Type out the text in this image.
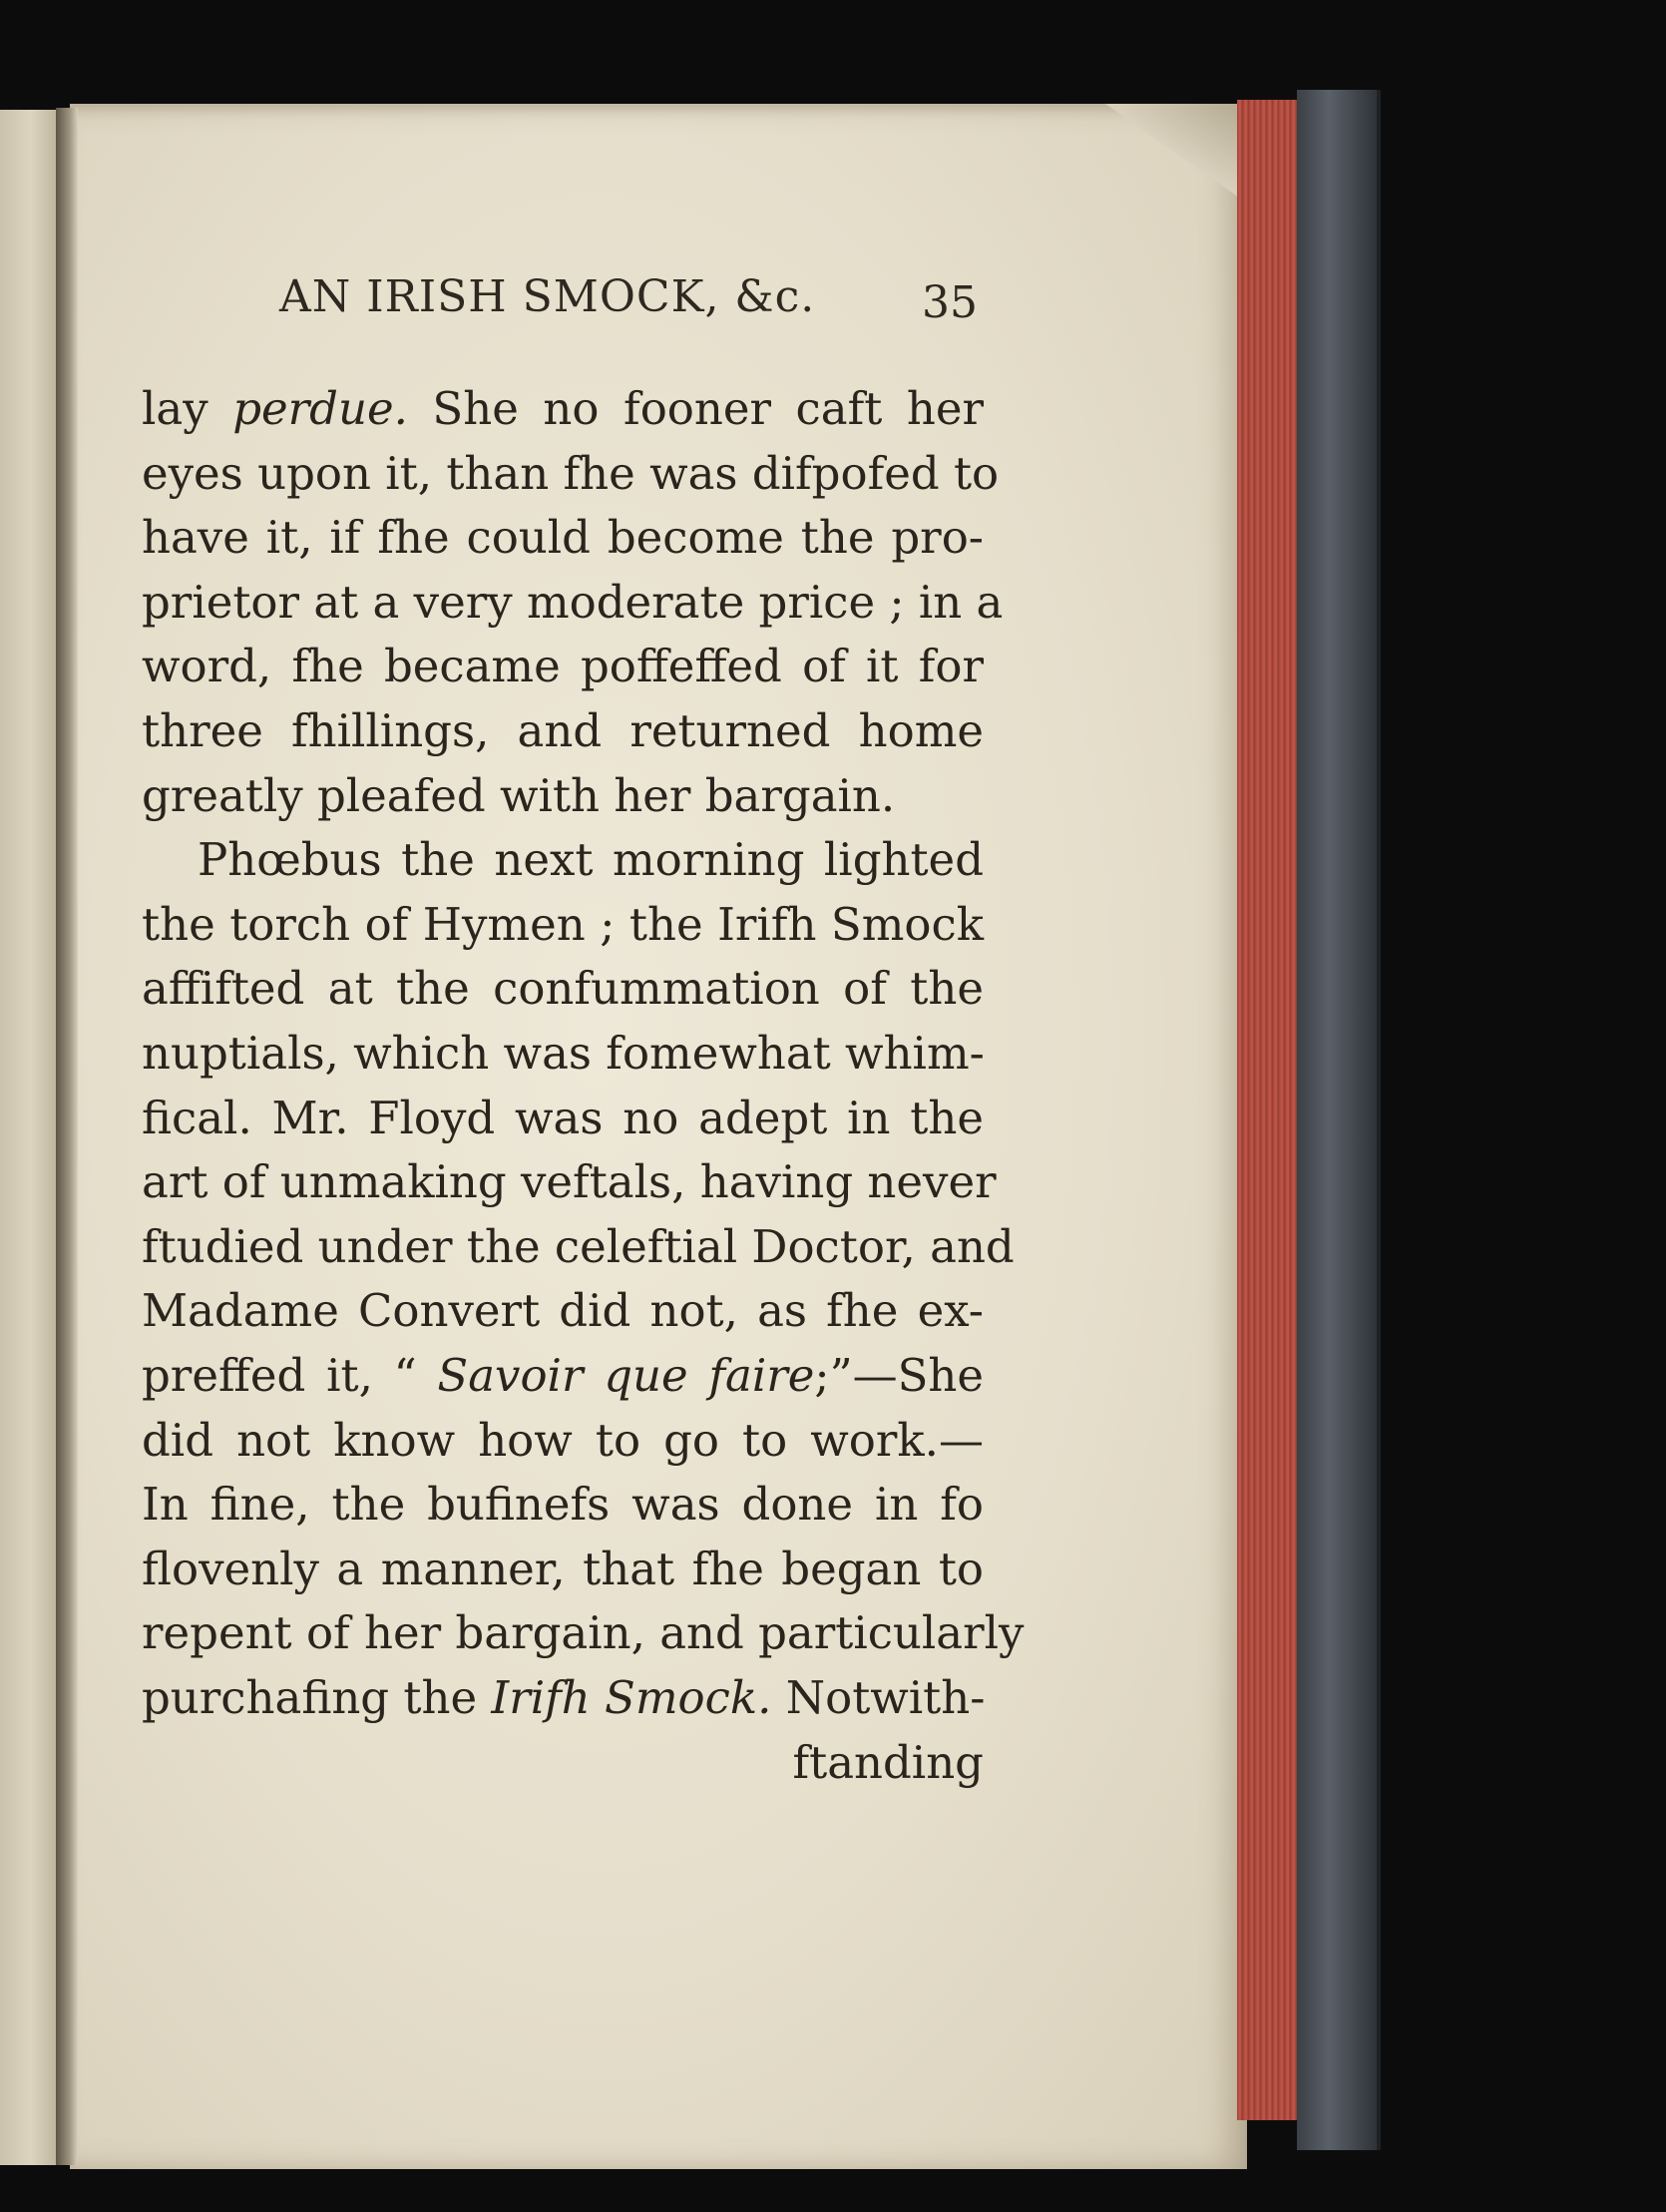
AN IRISH SMOCK, &c. 35
lay perdue. She no fooner caft her
eyes upon it, than fhe was difpofed to
have it, if fhe could become the pro-
prietor at a very moderate price ; in a
word, fhe became poffeffed of it for
three fhillings, and returned home
greatly pleafed with her bargain.
Phœbus the next morning lighted
the torch of Hymen ; the Irifh Smock
affifted at the confummation of the
nuptials, which was fomewhat whim-
fical. Mr. Floyd was no adept in the
art of unmaking veftals, having never
ftudied under the celeftial Doctor, and
Madame Convert did not, as fhe ex-
preffed it, “ Savoir que faire;”—She
did not know how to go to work.—
In fine, the bufinefs was done in fo
flovenly a manner, that fhe began to
repent of her bargain, and particularly
purchafing the Irifh Smock. Notwith-
ftanding
